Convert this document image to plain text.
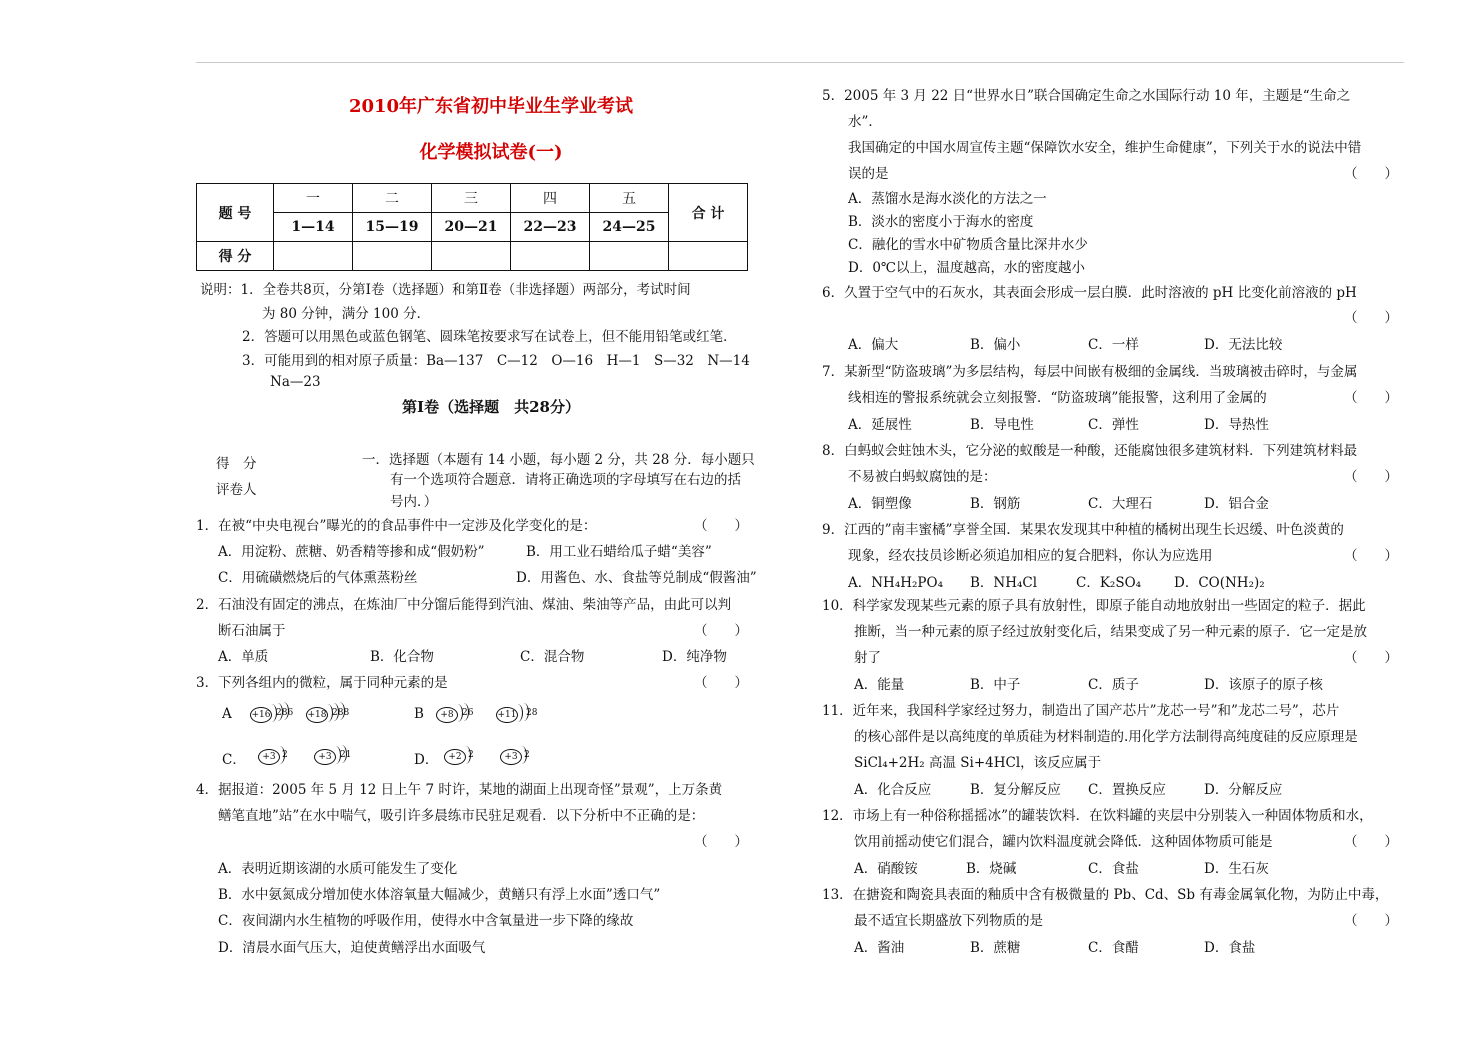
2010年广东省初中毕业生学业考试
化学模拟试卷(一)
题 号	一	二	三	四	五	合 计
	1—14	15—19	20—21	22—23	24—25	
得 分						
说明：1．全卷共8页，分第Ⅰ卷（选择题）和第Ⅱ卷（非选择题）两部分，考试时间
为 80 分钟，满分 100 分．
2．答题可以用黑色或蓝色钢笔、圆珠笔按要求写在试卷上，但不能用铅笔或红笔．
3．可能用到的相对原子质量：Ba—137　C—12　O—16　H—1　S—32　N—14
Na—23
第Ⅰ卷（选择题　共28分）
得　分
评卷人
一．选择题（本题有 14 小题，每小题 2 分，共 28 分．每小题只
有一个选项符合题意．请将正确选项的字母填写在右边的括
号内．）
1．在被“中央电视台”曝光的的食品事件中一定涉及化学变化的是：	（　　）
A．用淀粉、蔗糖、奶香精等掺和成“假奶粉”	B．用工业石蜡给瓜子蜡“美容”
C．用硫磺燃烧后的气体熏蒸粉丝	D．用酱色、水、食盐等兑制成“假酱油”
2．石油没有固定的沸点，在炼油厂中分馏后能得到汽油、煤油、柴油等产品，由此可以判
断石油属于	（　　）
A．单质	B．化合物	C．混合物	D．纯净物
3．下列各组内的微粒，属于同种元素的是	（　　）
A +16 286 +18 288	B	+8 26	+11 28
C．	+3 2	+3 21	D．	+2 2	+3 2
4．据报道：2005 年 5 月 12 日上午 7 时许，某地的湖面上出现奇怪”景观”，上万条黄
鳝笔直地”站”在水中喘气，吸引许多晨练市民驻足观看．以下分析中不正确的是：
（　　）
A．表明近期该湖的水质可能发生了变化
B．水中氨氮成分增加使水体溶氧量大幅减少，黄鳝只有浮上水面”透口气”
C．夜间湖内水生植物的呼吸作用，使得水中含氧量进一步下降的缘故
D．清晨水面气压大，迫使黄鳝浮出水面吸气
5．2005 年 3 月 22 日“世界水日”联合国确定生命之水国际行动 10 年，主题是“生命之
水”．
我国确定的中国水周宣传主题“保障饮水安全，维护生命健康”，下列关于水的说法中错
误的是	（　　）
A．蒸馏水是海水淡化的方法之一
B．淡水的密度小于海水的密度
C．融化的雪水中矿物质含量比深井水少
D．0℃以上，温度越高，水的密度越小
6．久置于空气中的石灰水，其表面会形成一层白膜．此时溶液的 pH 比变化前溶液的 pH
（　　）
A．偏大	B．偏小	C．一样	D．无法比较
7．某新型“防盗玻璃”为多层结构，每层中间嵌有极细的金属线．当玻璃被击碎时，与金属
线相连的警报系统就会立刻报警．“防盗玻璃”能报警，这利用了金属的	（　　）
A．延展性	B．导电性	C．弹性	D．导热性
8．白蚂蚁会蛀蚀木头，它分泌的蚁酸是一种酸，还能腐蚀很多建筑材料．下列建筑材料最
不易被白蚂蚁腐蚀的是：	（　　）
A．铜塑像	B．钢筋	C．大理石	D．铝合金
9．江西的”南丰蜜橘”享誉全国．某果农发现其中种植的橘树出现生长迟缓、叶色淡黄的
现象，经农技员诊断必须追加相应的复合肥料，你认为应选用	（　　）
A．NH₄H₂PO₄ B．NH₄Cl	C．K₂SO₄ D．CO(NH₂)₂
10．科学家发现某些元素的原子具有放射性，即原子能自动地放射出一些固定的粒子．据此
推断，当一种元素的原子经过放射变化后，结果变成了另一种元素的原子．它一定是放
射了	（　　）
A．能量	B．中子	C．质子	D．该原子的原子核
11．近年来，我国科学家经过努力，制造出了国产芯片”龙芯一号”和”龙芯二号”，芯片
的核心部件是以高纯度的单质硅为材料制造的.用化学方法制得高纯度硅的反应原理是
SiCl₄+2H₂ 高温 Si+4HCl，该反应属于
A．化合反应	B．复分解反应 C．置换反应	D．分解反应
12．市场上有一种俗称摇摇冰”的罐装饮料．在饮料罐的夹层中分别装入一种固体物质和水，
饮用前摇动使它们混合，罐内饮料温度就会降低．这种固体物质可能是	（　　）
A．硝酸铵	B．烧碱	C．食盐	D．生石灰
13．在搪瓷和陶瓷具表面的釉质中含有极微量的 Pb、Cd、Sb 有毒金属氧化物，为防止中毒，
最不适宜长期盛放下列物质的是	（　　）
A．酱油	B．蔗糖	C．食醋	D．食盐
